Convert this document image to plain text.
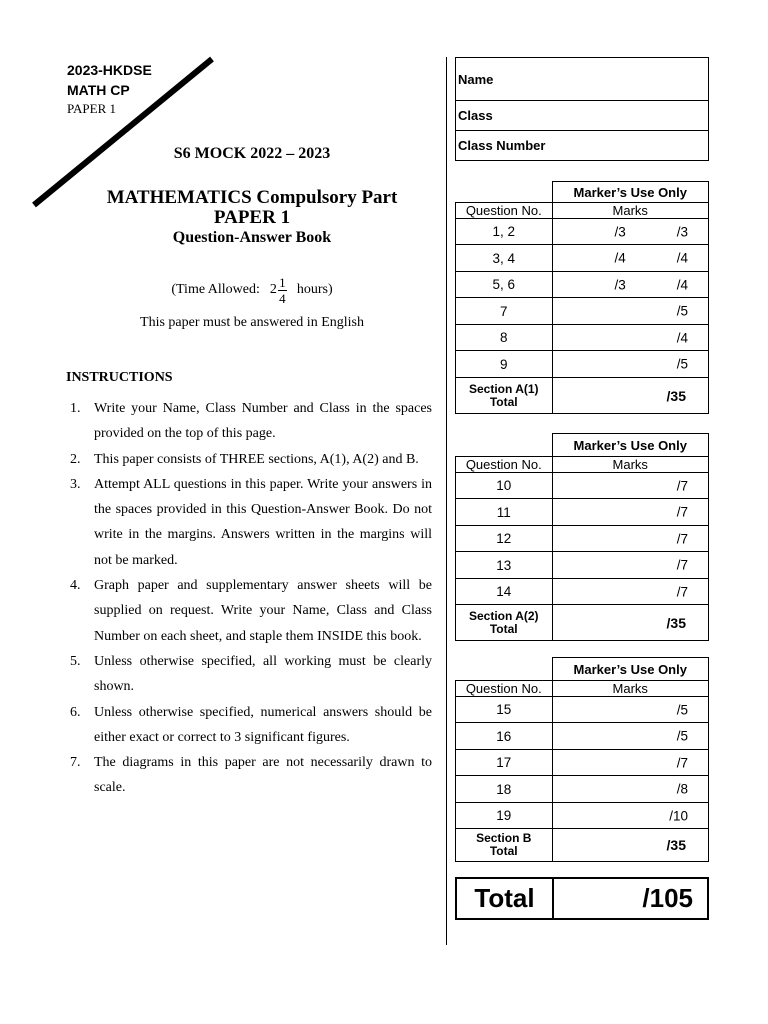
2023-HKDSE
MATH CP
PAPER 1
S6 MOCK 2022 – 2023
MATHEMATICS Compulsory Part
PAPER 1
Question-Answer Book
(Time Allowed: $2 \frac{1}{4}$ hours)
This paper must be answered in English
INSTRUCTIONS
1. Write your Name, Class Number and Class in the spaces provided on the top of this page.
2. This paper consists of THREE sections, A(1), A(2) and B.
3. Attempt ALL questions in this paper. Write your answers in the spaces provided in this Question-Answer Book. Do not write in the margins. Answers written in the margins will not be marked.
4. Graph paper and supplementary answer sheets will be supplied on request. Write your Name, Class and Class Number on each sheet, and staple them INSIDE this book.
5. Unless otherwise specified, all working must be clearly shown.
6. Unless otherwise specified, numerical answers should be either exact or correct to 3 significant figures.
7. The diagrams in this paper are not necessarily drawn to scale.
Name
Class
Class Number
	Marker’s Use Only
Question No.	Marks
1, 2	/3 /3

3, 4	/4 /4

5, 6	/3 /4

7	/5

8	/4

9	/5

Section A(1)
Total	/35
	Marker’s Use Only
Question No.	Marks
10	/7

11	/7

12	/7

13	/7

14	/7

Section A(2)
Total	/35
	Marker’s Use Only
Question No.	Marks
15	/5

16	/5

17	/7

18	/8

19	/10

Section B
Total	/35
Total	/105
